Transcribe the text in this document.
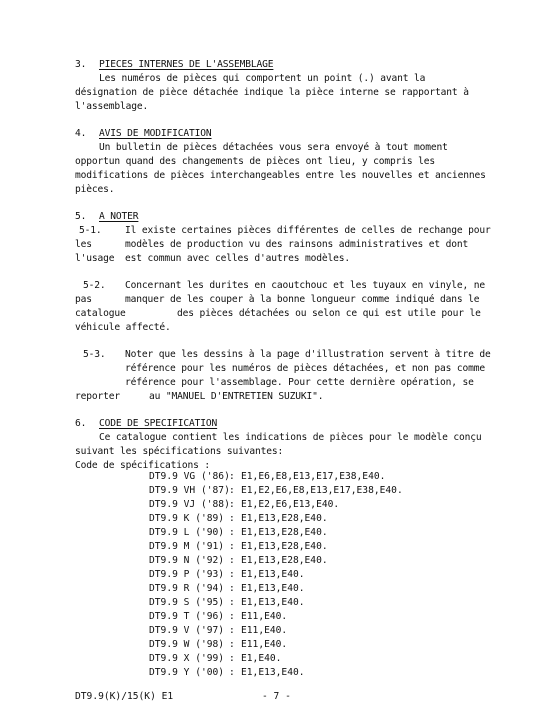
3. PIECES INTERNES DE L'ASSEMBLAGE
Les numéros de pièces qui comportent un point (.) avant la
désignation de pièce détachée indique la pièce interne se rapportant à
l'assemblage.
4. AVIS DE MODIFICATION
Un bulletin de pièces détachées vous sera envoyé à tout moment
opportun quand des changements de pièces ont lieu, y compris les
modifications de pièces interchangeables entre les nouvelles et anciennes
pièces.
5. A NOTER
5-1. Il existe certaines pièces différentes de celles de rechange pour
les	modèles de production vu des rainsons administratives et dont
l'usage est commun avec celles d'autres modèles.
5-2. Concernant les durites en caoutchouc et les tuyaux en vinyle, ne
pas	manquer de les couper à la bonne longueur comme indiqué dans le
catalogue	des pièces détachées ou selon ce qui est utile pour le
véhicule affecté.
5-3. Noter que les dessins à la page d'illustration servent à titre de
référence pour les numéros de pièces détachées, et non pas comme
référence pour l'assemblage. Pour cette dernière opération, se
reporter	au "MANUEL D'ENTRETIEN SUZUKI".
6. CODE DE SPECIFICATION
Ce catalogue contient les indications de pièces pour le modèle conçu
suivant les spécifications suivantes:
Code de spécifications :
DT9.9 VG ('86): E1,E6,E8,E13,E17,E38,E40.
DT9.9 VH ('87): E1,E2,E6,E8,E13,E17,E38,E40.
DT9.9 VJ ('88): E1,E2,E6,E13,E40.
DT9.9 K ('89) : E1,E13,E28,E40.
DT9.9 L ('90) : E1,E13,E28,E40.
DT9.9 M ('91) : E1,E13,E28,E40.
DT9.9 N ('92) : E1,E13,E28,E40.
DT9.9 P ('93) : E1,E13,E40.
DT9.9 R ('94) : E1,E13,E40.
DT9.9 S ('95) : E1,E13,E40.
DT9.9 T ('96) : E11,E40.
DT9.9 V ('97) : E11,E40.
DT9.9 W ('98) : E11,E40.
DT9.9 X ('99) : E1,E40.
DT9.9 Y ('00) : E1,E13,E40.
DT9.9(K)/15(K) E1	- 7 -
